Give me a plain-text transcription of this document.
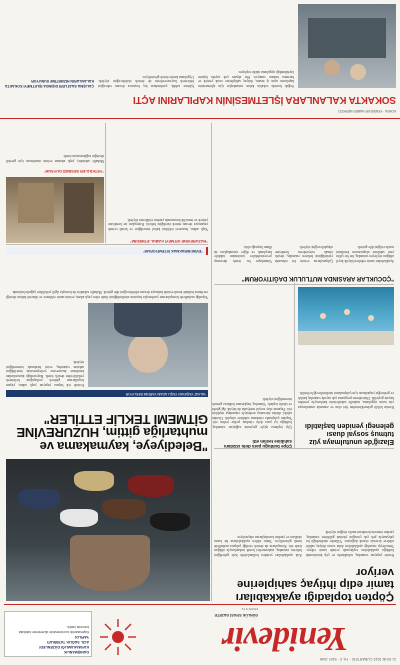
21 EKİM 2022 CUMARTESİ · YIL 3 · SAYI 1068
Yenidevir
GÜNLÜK SİYASİ GAZETE
FİYATI: 5 TL
DANIŞMANLIK
KAYMAKAMLIĞI DÜZENLEDİ
ACİL SAĞLIK TATBİKATI
YAPILDI
Kaymakamlık koordinesinde düzenlenen tatbikata kurumlar katıldı.
Çöpten topladığı ayakkabıları tamir edip ihtiyaç sahiplerine veriyor

Kentte yaşayan vatandaş, sokaklarda ve çöp kutularında bulduğu ayakkabıları toplayarak evinde tamir ediyor. Temizleyip onardığı ayakkabıları daha sonra ihtiyaç sahibi ailelere ücretsiz olarak dağıtıyor. Yıllardır sürdürdüğü bu çalışmayla pek çok çocuğun yüzünü güldüren vatandaş, yardım etmenin kendisini mutlu ettiğini söyledi.

Atık ayakkabıları yeniden kullanılabilir hale getirdiğini belirten vatandaş, malzemeleri kendi imkanlarıyla aldığını ifade etti. Komşuların da destek verdiği çalışma mahallede örnek gösteriliyor. Tamir edilen ayakkabıların bir kısmı okullara ve yardım kuruluşlarına ulaştırılıyor.

Elazığ'de unutulmaya yüz tutmuş sosyal duası gelenegi yeniden başlatıldı

Kentin köklü geleneklerinden biri olan ve zamanla unutulmaya yüz tutan uygulama, mahalle sakinlerinin katılımıyla yeniden hayata geçirildi. Düzenlenen programa çok sayıda vatandaş katıldı ve geleneğin yaşatılması için çalışmaların sürdürüleceği belirtildi.

Çöpe bulduğu para dolu cüzdanı sahibine teslim etti

Çöp toplama işiyle geçimini sağlayan vatandaş, bulduğu içi para dolu cüzdanı polise teslim etti. Yapılan çalışmada cüzdanın sahibine ulaşıldı. Cüzdan sahibi, dürüst davranışı nedeniyle vatandaşa teşekkür etti. Yaşanan olay sosyal medyada da büyük ilgi gördü ve takdir topladı. Vatandaş, başkasının hakkına girmek istemediğini söyledi.

"Belediyeye, kaymakama ve muhtarlığa gittim, HUZUREVİNE GİTMEMİ TEKLİF ETTİLER"
YALNIZ YAŞAYAN YAŞLI ADAM YARDIM BEKLİYOR

Evinde tek başına yaşayan yaşlı adam, yaşam koşullarının giderek zorlaştığını belirterek yetkililerden destek istedi. Başvurduğu kurumlardan kendisine huzurevine yerleşmesinin önerildiğini anlatan vatandaş, evini bırakmak istemediğini söyledi.

Yaşadığı mahallede komşularının yardımıyla hayatını sürdürdüğünü ifade eden yaşlı adam, evinin tamir edilmesi ve düzenli bakım desteği verilmesi halinde kendi evinde kalmaya devam edebileceğini dile getirdi. Mahalle sakinleri de konuyla ilgili yetkililere çağrıda bulundu.

"EVİMİ BIRAKMAK İSTEMİYORUM"
"HUZUREVİNE GİTMEYİ KABUL ETMEDİM"

Yaşlı adam, huzurevi teklifini kabul etmediğini ve kendi evinde yaşamaya devam etmek istediğini belirtti. Komşuları ise kendisine yemek ve temizlik konusunda yardım ettiklerini söyledi.

"YETKİLİLER SESİMİZİ DUYSUN"

Mahalle sakinleri, yaşlı adamın evinin onarılması için gerekli desteğin sağlanmasını istedi.

"ÇOCUKLAR ARASINDA MUTLULUK DAĞITIYORUM"

Ayakkabıları tamir ederken büyük keyif aldığını söyleyen vatandaş, her bir çiftin yeni sahibine ulaşmasının kendisini mutlu ettiğini dile getirdi.

Çalışmalarını evinin bir odasında yürüttüğünü belirten vatandaş, destek olmak isteyenlerin kendisine ulaşabileceğini söyledi.

Vatandaşın bu örnek davranışı çevresindekiler tarafından takdirle karşılandı ve diğer vatandaşlara da ilham kaynağı oldu.

KONYA · YENİDEVİR HABER MERKEZİ
SOKAKTA KALANLARA İŞLETMESİNİN KAPILARINI AÇTI

Soğuk havada sokakta kalan vatandaşlar için işletmesinin kapılarını açan iş insanı, ihtiyaç sahiplerine sıcak yemek ve barınma imkanı sunuyor. Her akşam çok sayıda kişinin faydalandığı uygulama takdir topluyor.

İşletme sahibi, yardımların kış boyunca devam edeceğini belirterek hayırseverlerin de destek olabileceğini söyledi. Uygulama kentte örnek gösteriliyor.

ÇALIŞMA SAATLERİ DIŞINDA İŞLETMEYİ SOKAKTA KALANLARIN HİZMETİNE SUNUYOR
